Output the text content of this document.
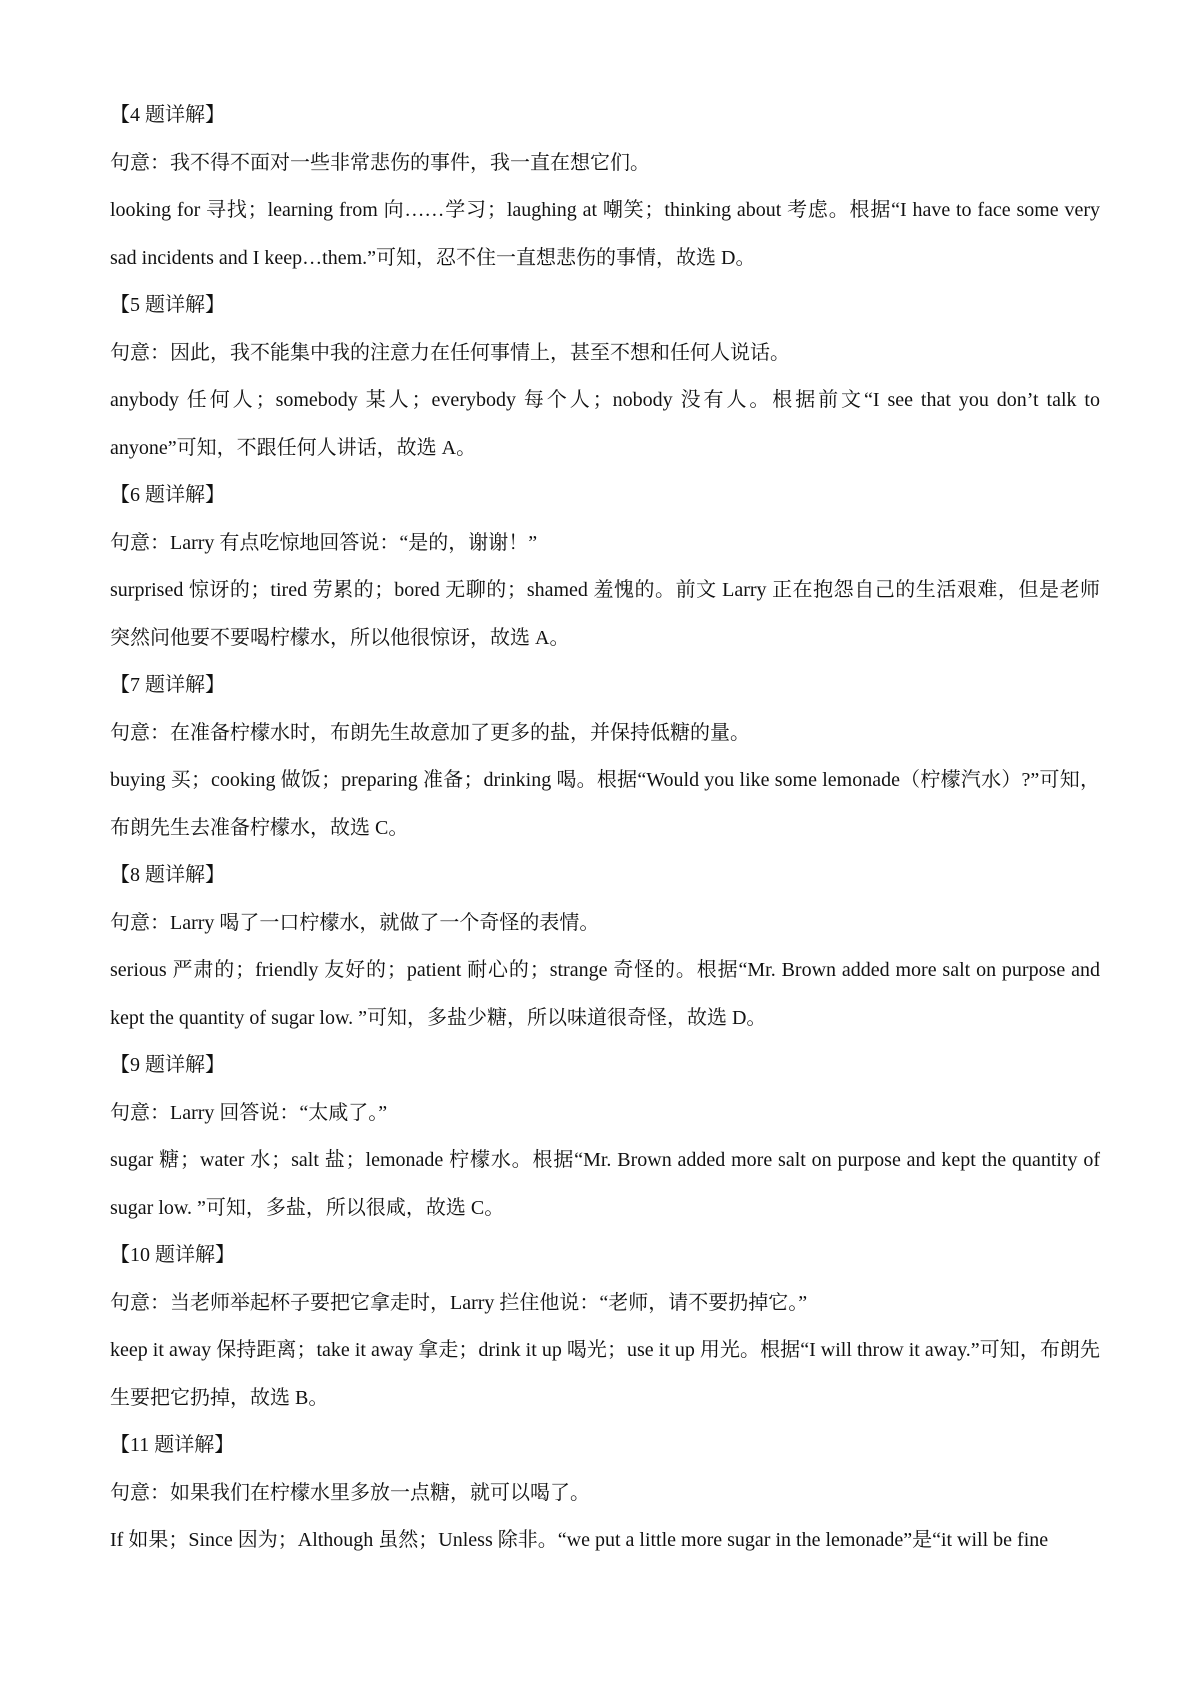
【4 题详解】

句意：我不得不面对一些非常悲伤的事件，我一直在想它们。

looking for 寻找；learning from 向……学习；laughing at 嘲笑；thinking about 考虑。根据“I have to face some very sad incidents and I keep…them.”可知，忍不住一直想悲伤的事情，故选 D。

【5 题详解】

句意：因此，我不能集中我的注意力在任何事情上，甚至不想和任何人说话。

anybody 任何人；somebody 某人；everybody 每个人；nobody 没有人。根据前文“I see that you don’t talk to anyone”可知，不跟任何人讲话，故选 A。

【6 题详解】

句意：Larry 有点吃惊地回答说：“是的，谢谢！”

surprised 惊讶的；tired 劳累的；bored 无聊的；shamed 羞愧的。前文 Larry 正在抱怨自己的生活艰难，但是老师突然问他要不要喝柠檬水，所以他很惊讶，故选 A。

【7 题详解】

句意：在准备柠檬水时，布朗先生故意加了更多的盐，并保持低糖的量。

buying 买；cooking 做饭；preparing 准备；drinking 喝。根据“Would you like some lemonade（柠檬汽水）?”可知，布朗先生去准备柠檬水，故选 C。

【8 题详解】

句意：Larry 喝了一口柠檬水，就做了一个奇怪的表情。

serious 严肃的；friendly 友好的；patient 耐心的；strange 奇怪的。根据“Mr. Brown added more salt on purpose and kept the quantity of sugar low. ”可知，多盐少糖，所以味道很奇怪，故选 D。

【9 题详解】

句意：Larry 回答说：“太咸了。”

sugar 糖；water 水；salt 盐；lemonade 柠檬水。根据“Mr. Brown added more salt on purpose and kept the quantity of sugar low. ”可知，多盐，所以很咸，故选 C。

【10 题详解】

句意：当老师举起杯子要把它拿走时，Larry 拦住他说：“老师，请不要扔掉它。”

keep it away 保持距离；take it away 拿走；drink it up 喝光；use it up 用光。根据“I will throw it away.”可知，布朗先生要把它扔掉，故选 B。

【11 题详解】

句意：如果我们在柠檬水里多放一点糖，就可以喝了。

If 如果；Since 因为；Although 虽然；Unless 除非。“we put a little more sugar in the lemonade”是“it will be fine
